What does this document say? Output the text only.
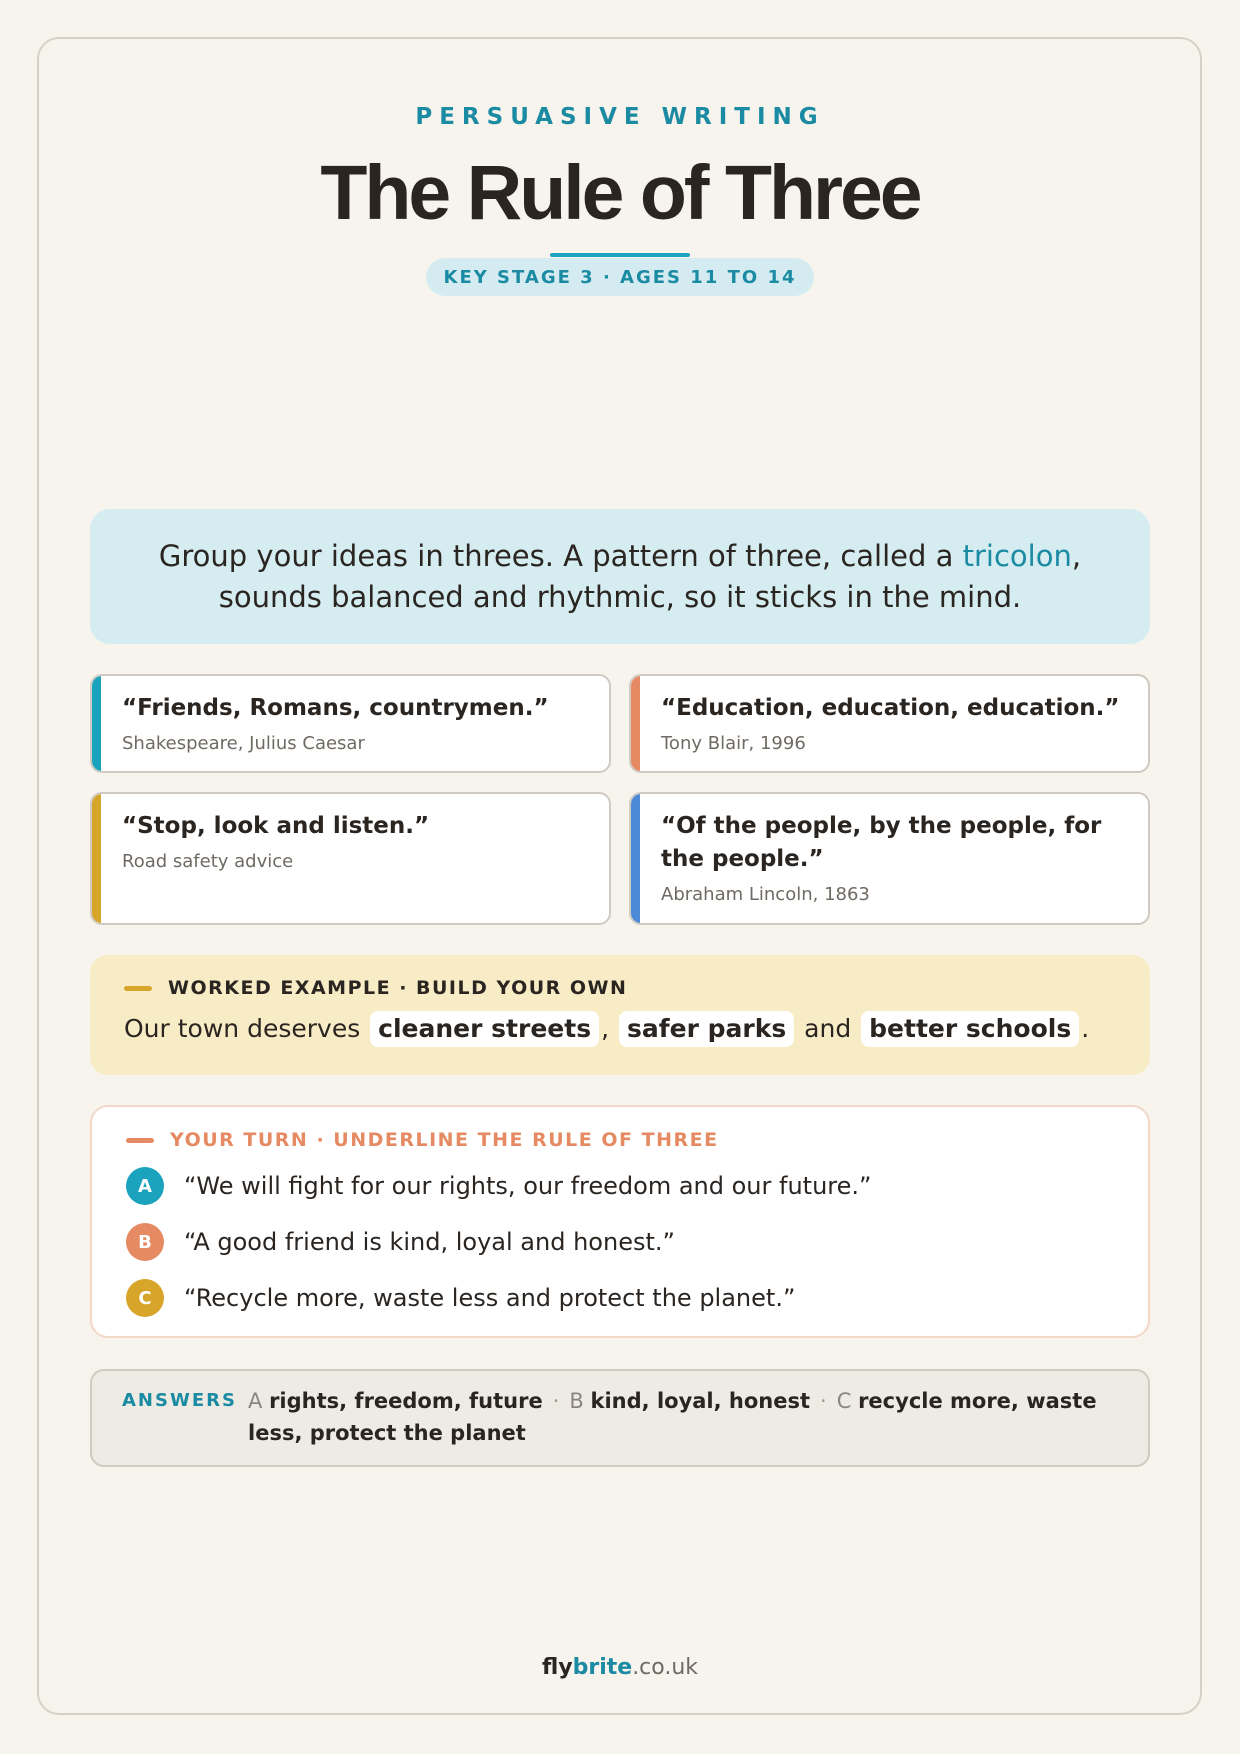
PERSUASIVE WRITING
The Rule of Three
KEY STAGE 3 · AGES 11 TO 14
Group your ideas in threes. A pattern of three, called a tricolon, sounds balanced and rhythmic, so it sticks in the mind.
“Friends, Romans, countrymen.”
Shakespeare, Julius Caesar
“Education, education, education.”
Tony Blair, 1996
“Stop, look and listen.”
Road safety advice
“Of the people, by the people, for the people.”
Abraham Lincoln, 1863
WORKED EXAMPLE · BUILD YOUR OWN
Our town deserves cleaner streets , safer parks and better schools .
YOUR TURN · UNDERLINE THE RULE OF THREE
A	“We will fight for our rights, our freedom and our future.”
B	“A good friend is kind, loyal and honest.”
C	“Recycle more, waste less and protect the planet.”
ANSWERS A rights, freedom, future · B kind, loyal, honest · C recycle more, waste less, protect the planet
flybrite.co.uk
